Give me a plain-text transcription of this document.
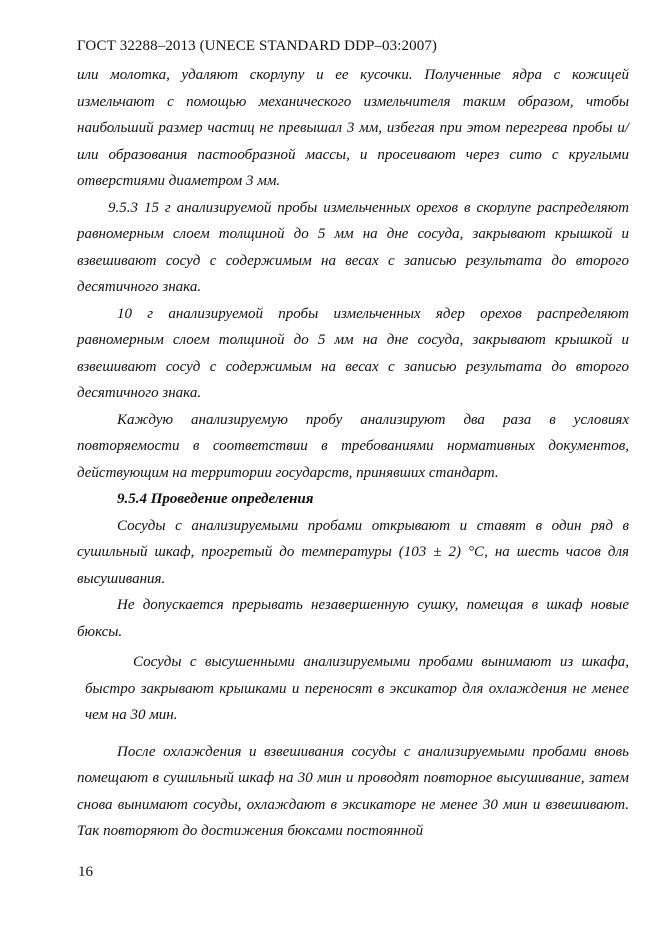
ГОСТ 32288–2013 (UNECE STANDARD DDP–03:2007)

или молотка, удаляют скорлупу и ее кусочки. Полученные ядра с кожицей измельчают с помощью механического измельчителя таким образом, чтобы наибольший размер частиц не превышал 3 мм, избегая при этом перегрева пробы и/или образования пастообразной массы, и просеивают через сито с круглыми отверстиями диаметром 3 мм.

9.5.3 15 г анализируемой пробы измельченных орехов в скорлупе распределяют равномерным слоем толщиной до 5 мм на дне сосуда, закрывают крышкой и взвешивают сосуд с содержимым на весах с записью результата до второго десятичного знака.

10 г анализируемой пробы измельченных ядер орехов распределяют равномерным слоем толщиной до 5 мм на дне сосуда, закрывают крышкой и взвешивают сосуд с содержимым на весах с записью результата до второго десятичного знака.

Каждую анализируемую пробу анализируют два раза в условиях повторяемости в соответствии в требованиями нормативных документов, действующим на территории государств, принявших стандарт.

9.5.4 Проведение определения

Сосуды с анализируемыми пробами открывают и ставят в один ряд в сушильный шкаф, прогретый до температуры (103 ± 2) °С, на шесть часов для высушивания.

Не допускается прерывать незавершенную сушку, помещая в шкаф новые бюксы.

Сосуды с высушенными анализируемыми пробами вынимают из шкафа, быстро закрывают крышками и переносят в эксикатор для охлаждения не менее чем на 30 мин.

После охлаждения и взвешивания сосуды с анализируемыми пробами вновь помещают в сушильный шкаф на 30 мин и проводят повторное высушивание, затем снова вынимают сосуды, охлаждают в эксикаторе не менее 30 мин и взвешивают. Так повторяют до достижения бюксами постоянной

16
